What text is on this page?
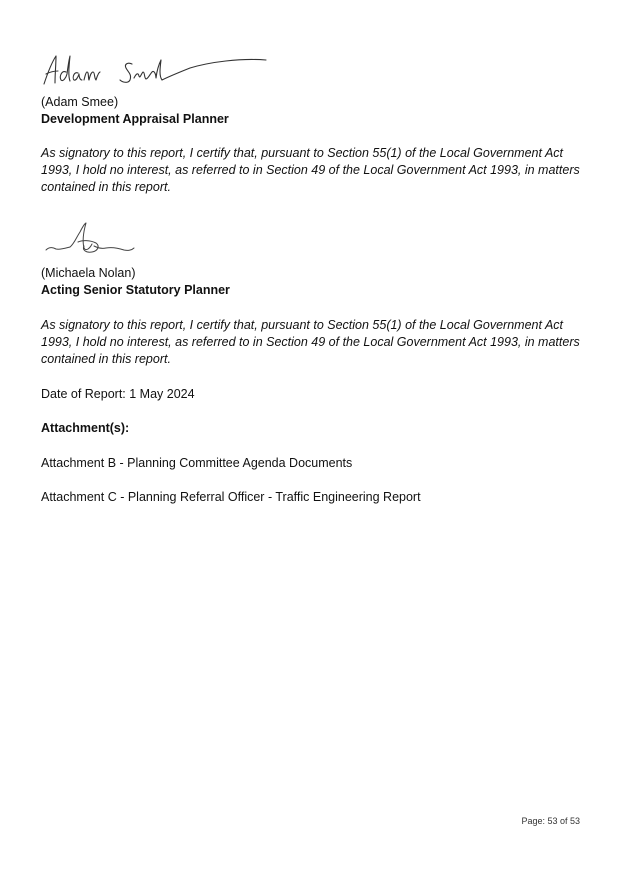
(Adam Smee)
Development Appraisal Planner

As signatory to this report, I certify that, pursuant to Section 55(1) of the Local Government Act 1993, I hold no interest, as referred to in Section 49 of the Local Government Act 1993, in matters contained in this report.

(Michaela Nolan)
Acting Senior Statutory Planner

As signatory to this report, I certify that, pursuant to Section 55(1) of the Local Government Act 1993, I hold no interest, as referred to in Section 49 of the Local Government Act 1993, in matters contained in this report.

Date of Report: 1 May 2024
Attachment(s):
Attachment B - Planning Committee Agenda Documents
Attachment C - Planning Referral Officer - Traffic Engineering Report
Page: 53 of 53
